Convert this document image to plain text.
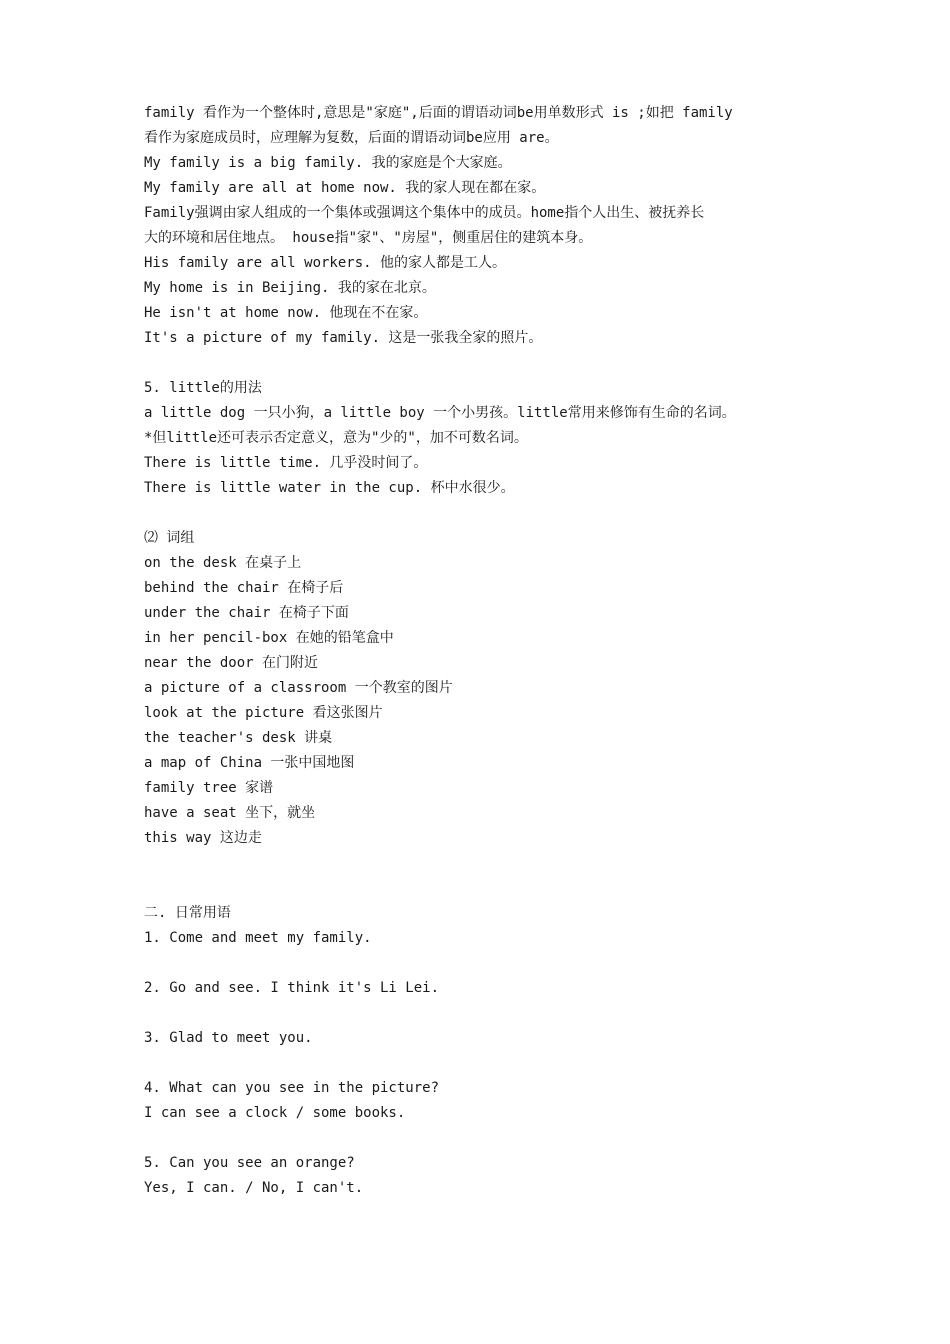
family 看作为一个整体时,意思是"家庭",后面的谓语动词be用单数形式 is ;如把 family
看作为家庭成员时，应理解为复数，后面的谓语动词be应用 are。
My family is a big family. 我的家庭是个大家庭。
My family are all at home now. 我的家人现在都在家。
Family强调由家人组成的一个集体或强调这个集体中的成员。home指个人出生、被抚养长
大的环境和居住地点。 house指"家"、"房屋"，侧重居住的建筑本身。
His family are all workers. 他的家人都是工人。
My home is in Beijing. 我的家在北京。
He isn't at home now. 他现在不在家。
It's a picture of my family. 这是一张我全家的照片。
5. little的用法
a little dog 一只小狗，a little boy 一个小男孩。little常用来修饰有生命的名词。
*但little还可表示否定意义，意为"少的"，加不可数名词。
There is little time. 几乎没时间了。
There is little water in the cup. 杯中水很少。
⑵ 词组
on the desk 在桌子上
behind the chair 在椅子后
under the chair 在椅子下面
in her pencil-box 在她的铅笔盒中
near the door 在门附近
a picture of a classroom 一个教室的图片
look at the picture 看这张图片
the teacher's desk 讲桌
a map of China 一张中国地图
family tree 家谱
have a seat 坐下，就坐
this way 这边走
二. 日常用语
1. Come and meet my family.
2. Go and see. I think it's Li Lei.
3. Glad to meet you.
4. What can you see in the picture?
I can see a clock / some books.
5. Can you see an orange?
Yes, I can. / No, I can't.
